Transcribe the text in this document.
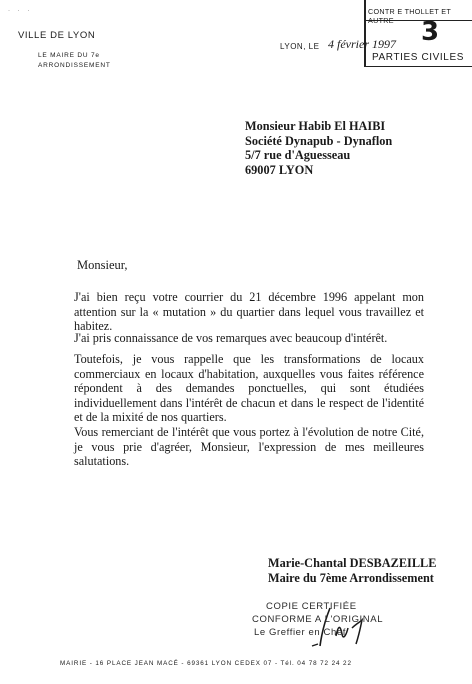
· · ·
VILLE DE LYON
LE MAIRE DU 7e
ARRONDISSEMENT
CONTR E THOLLET ET AUTRE	3
PARTIES CIVILES
LYON, LE 4 février 1997
Monsieur Habib El HAIBI
Société Dynapub - Dynaflon
5/7 rue d'Aguesseau
69007 LYON
Monsieur,
J'ai bien reçu votre courrier du 21 décembre 1996 appelant mon attention sur la « mutation » du quartier dans lequel vous travaillez et habitez.
J'ai pris connaissance de vos remarques avec beaucoup d'intérêt.
Toutefois, je vous rappelle que les transformations de locaux commerciaux en locaux d'habitation, auxquelles vous faites référence répondent à des demandes ponctuelles, qui sont étudiées individuellement dans l'intérêt de chacun et dans le respect de l'identité et de la mixité de nos quartiers.
Vous remerciant de l'intérêt que vous portez à l'évolution de notre Cité, je vous prie d'agréer, Monsieur, l'expression de mes meilleures salutations.
Marie-Chantal DESBAZEILLE
Maire du 7ème Arrondissement
COPIE CERTIFIÉE
CONFORME A L'ORIGINAL
Le Greffier en Chef
MAIRIE - 16 PLACE JEAN MACÉ - 69361 LYON CEDEX 07 - Tél. 04 78 72 24 22
